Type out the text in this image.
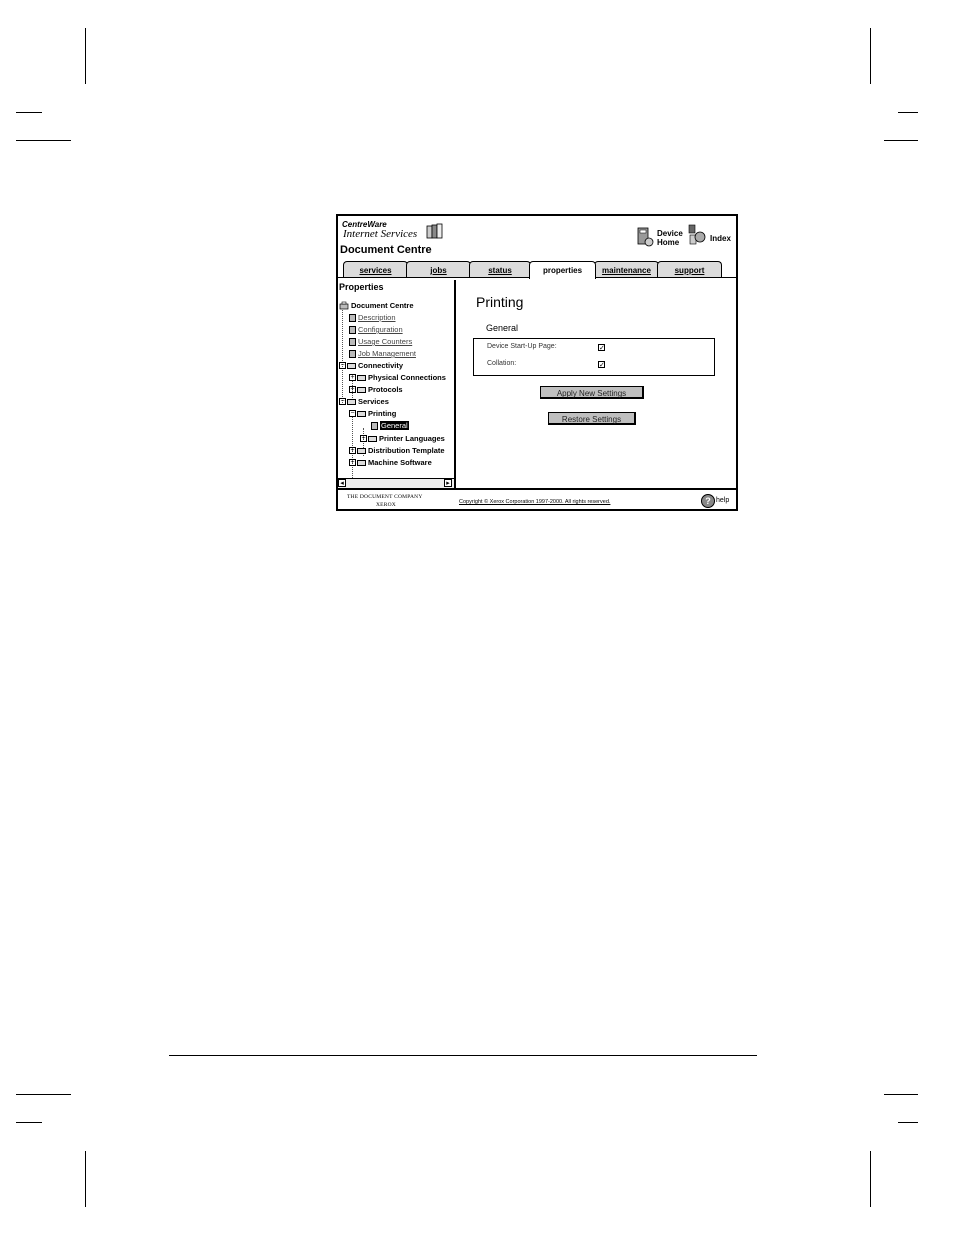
CentreWare
Internet Services
Document Centre
Device
Home	Index
services	jobs	status	properties	maintenance	support
Properties
Document Centre
Description
Configuration
Usage Counters
Job Management
− Connectivity
+ Physical Connections
+ Protocols
− Services
− Printing
General
+ Printer Languages
+ Distribution Template
+ Machine Software
◂	▸
Printing
General
Device Start-Up Page:	✓
Collation:	✓
Apply New Settings
Restore Settings
THE DOCUMENT COMPANY
XEROX	Copyright © Xerox Corporation 1997-2000. All rights reserved.	? help
